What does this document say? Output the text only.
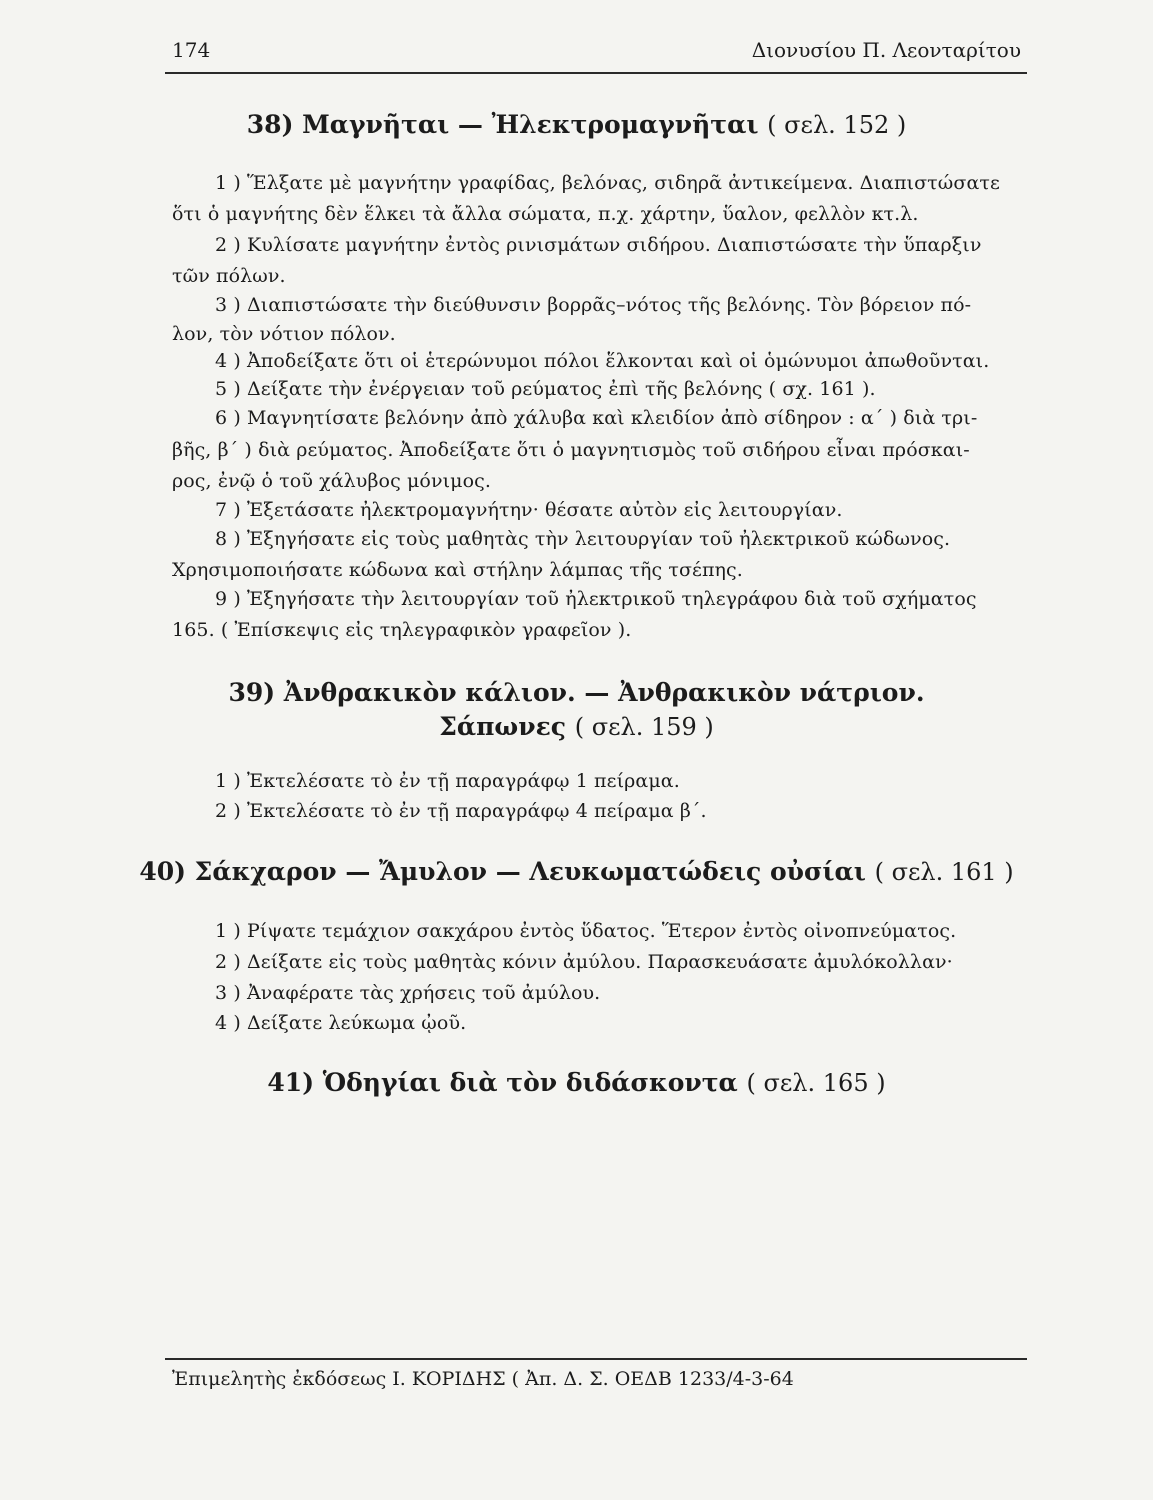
174	Διονυσίου Π. Λεονταρίτου
38) Μαγνῆται — Ἠλεκτρομαγνῆται ( σελ. 152 )
1 ) Ἕλξατε μὲ μαγνήτην γραφίδας, βελόνας, σιδηρᾶ ἀντικείμενα. Διαπιστώσατε
ὅτι ὁ μαγνήτης δὲν ἕλκει τὰ ἄλλα σώματα, π.χ. χάρτην, ὕαλον, φελλὸν κτ.λ.
2 ) Κυλίσατε μαγνήτην ἐντὸς ρινισμάτων σιδήρου. Διαπιστώσατε τὴν ὕπαρξιν
τῶν πόλων.
3 ) Διαπιστώσατε τὴν διεύθυνσιν βορρᾶς–νότος τῆς βελόνης. Τὸν βόρειον πό-
λον, τὸν νότιον πόλον.
4 ) Ἀποδείξατε ὅτι οἱ ἑτερώνυμοι πόλοι ἕλκονται καὶ οἱ ὁμώνυμοι ἀπωθοῦνται.
5 ) Δείξατε τὴν ἐνέργειαν τοῦ ρεύματος ἐπὶ τῆς βελόνης ( σχ. 161 ).
6 ) Μαγνητίσατε βελόνην ἀπὸ χάλυβα καὶ κλειδίον ἀπὸ σίδηρον : α΄ ) διὰ τρι-
βῆς, β΄ ) διὰ ρεύματος. Ἀποδείξατε ὅτι ὁ μαγνητισμὸς τοῦ σιδήρου εἶναι πρόσκαι-
ρος, ἐνῷ ὁ τοῦ χάλυβος μόνιμος.
7 ) Ἐξετάσατε ἠλεκτρομαγνήτην· θέσατε αὐτὸν εἰς λειτουργίαν.
8 ) Ἐξηγήσατε εἰς τοὺς μαθητὰς τὴν λειτουργίαν τοῦ ἠλεκτρικοῦ κώδωνος.
Χρησιμοποιήσατε κώδωνα καὶ στήλην λάμπας τῆς τσέπης.
9 ) Ἐξηγήσατε τὴν λειτουργίαν τοῦ ἠλεκτρικοῦ τηλεγράφου διὰ τοῦ σχήματος
165. ( Ἐπίσκεψις εἰς τηλεγραφικὸν γραφεῖον ).
39) Ἀνθρακικὸν κάλιον. — Ἀνθρακικὸν νάτριον.
Σάπωνες ( σελ. 159 )
1 ) Ἐκτελέσατε τὸ ἐν τῇ παραγράφῳ 1 πείραμα.
2 ) Ἐκτελέσατε τὸ ἐν τῇ παραγράφῳ 4 πείραμα β΄.
40) Σάκχαρον — Ἄμυλον — Λευκωματώδεις οὐσίαι ( σελ. 161 )
1 ) Ρίψατε τεμάχιον σακχάρου ἐντὸς ὕδατος. Ἕτερον ἐντὸς οἰνοπνεύματος.
2 ) Δείξατε εἰς τοὺς μαθητὰς κόνιν ἀμύλου. Παρασκευάσατε ἀμυλόκολλαν·
3 ) Ἀναφέρατε τὰς χρήσεις τοῦ ἀμύλου.
4 ) Δείξατε λεύκωμα ᾠοῦ.
41) Ὁδηγίαι διὰ τὸν διδάσκοντα ( σελ. 165 )
Ἐπιμελητὴς ἐκδόσεως Ι. ΚΟΡΙΔΗΣ ( Ἀπ. Δ. Σ. ΟΕΔΒ 1233/4-3-64
